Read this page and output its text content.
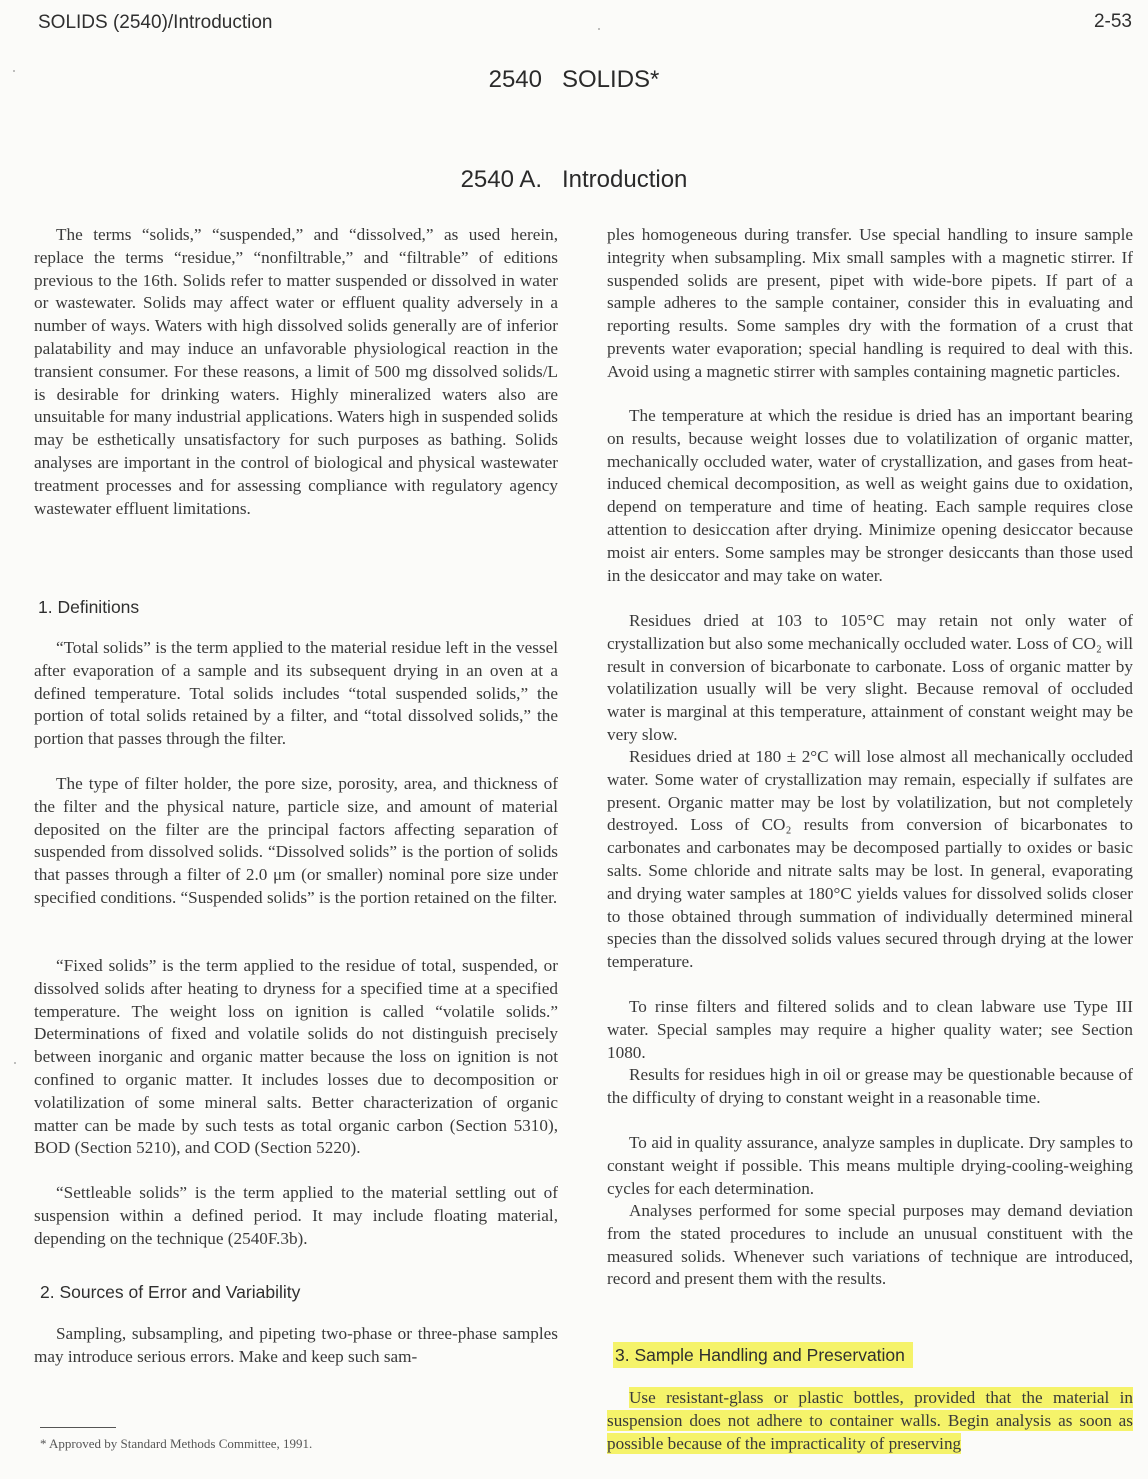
SOLIDS (2540)/Introduction	2-53
2540   SOLIDS*
2540 A.   Introduction

The terms “solids,” “suspended,” and “dissolved,” as used herein, replace the terms “residue,” “nonfiltrable,” and “filtrable” of editions previous to the 16th. Solids refer to matter suspended or dissolved in water or wastewater. Solids may affect water or effluent quality adversely in a number of ways. Waters with high dissolved solids generally are of inferior palatability and may induce an unfavorable physiological reaction in the transient consumer. For these reasons, a limit of 500 mg dissolved solids/L is desirable for drinking waters. Highly mineralized waters also are unsuitable for many industrial applications. Waters high in suspended solids may be esthetically unsatisfactory for such purposes as bathing. Solids analyses are important in the control of biological and physical wastewater treatment processes and for assessing compliance with regulatory agency wastewater effluent limitations.

1. Definitions

“Total solids” is the term applied to the material residue left in the vessel after evaporation of a sample and its subsequent drying in an oven at a defined temperature. Total solids includes “total suspended solids,” the portion of total solids retained by a filter, and “total dissolved solids,” the portion that passes through the filter.

The type of filter holder, the pore size, porosity, area, and thickness of the filter and the physical nature, particle size, and amount of material deposited on the filter are the principal factors affecting separation of suspended from dissolved solids. “Dissolved solids” is the portion of solids that passes through a filter of 2.0 μm (or smaller) nominal pore size under specified conditions. “Suspended solids” is the portion retained on the filter.

“Fixed solids” is the term applied to the residue of total, suspended, or dissolved solids after heating to dryness for a specified time at a specified temperature. The weight loss on ignition is called “volatile solids.” Determinations of fixed and volatile solids do not distinguish precisely between inorganic and organic matter because the loss on ignition is not confined to organic matter. It includes losses due to decomposition or volatilization of some mineral salts. Better characterization of organic matter can be made by such tests as total organic carbon (Section 5310), BOD (Section 5210), and COD (Section 5220).

“Settleable solids” is the term applied to the material settling out of suspension within a defined period. It may include floating material, depending on the technique (2540F.3b).

2. Sources of Error and Variability

Sampling, subsampling, and pipeting two-phase or three-phase samples may introduce serious errors. Make and keep such sam-

ples homogeneous during transfer. Use special handling to insure sample integrity when subsampling. Mix small samples with a magnetic stirrer. If suspended solids are present, pipet with wide-bore pipets. If part of a sample adheres to the sample container, consider this in evaluating and reporting results. Some samples dry with the formation of a crust that prevents water evaporation; special handling is required to deal with this. Avoid using a magnetic stirrer with samples containing magnetic particles.

The temperature at which the residue is dried has an important bearing on results, because weight losses due to volatilization of organic matter, mechanically occluded water, water of crystallization, and gases from heat-induced chemical decomposition, as well as weight gains due to oxidation, depend on temperature and time of heating. Each sample requires close attention to desiccation after drying. Minimize opening desiccator because moist air enters. Some samples may be stronger desiccants than those used in the desiccator and may take on water.

Residues dried at 103 to 105°C may retain not only water of crystallization but also some mechanically occluded water. Loss of CO₂ will result in conversion of bicarbonate to carbonate. Loss of organic matter by volatilization usually will be very slight. Because removal of occluded water is marginal at this temperature, attainment of constant weight may be very slow.

Residues dried at 180 ± 2°C will lose almost all mechanically occluded water. Some water of crystallization may remain, especially if sulfates are present. Organic matter may be lost by volatilization, but not completely destroyed. Loss of CO₂ results from conversion of bicarbonates to carbonates and carbonates may be decomposed partially to oxides or basic salts. Some chloride and nitrate salts may be lost. In general, evaporating and drying water samples at 180°C yields values for dissolved solids closer to those obtained through summation of individually determined mineral species than the dissolved solids values secured through drying at the lower temperature.

To rinse filters and filtered solids and to clean labware use Type III water. Special samples may require a higher quality water; see Section 1080.

Results for residues high in oil or grease may be questionable because of the difficulty of drying to constant weight in a reasonable time.

To aid in quality assurance, analyze samples in duplicate. Dry samples to constant weight if possible. This means multiple drying-cooling-weighing cycles for each determination.

Analyses performed for some special purposes may demand deviation from the stated procedures to include an unusual constituent with the measured solids. Whenever such variations of technique are introduced, record and present them with the results.

3. Sample Handling and Preservation

Use resistant-glass or plastic bottles, provided that the material in suspension does not adhere to container walls. Begin analysis as soon as possible because of the impracticality of preserving

* Approved by Standard Methods Committee, 1991.
